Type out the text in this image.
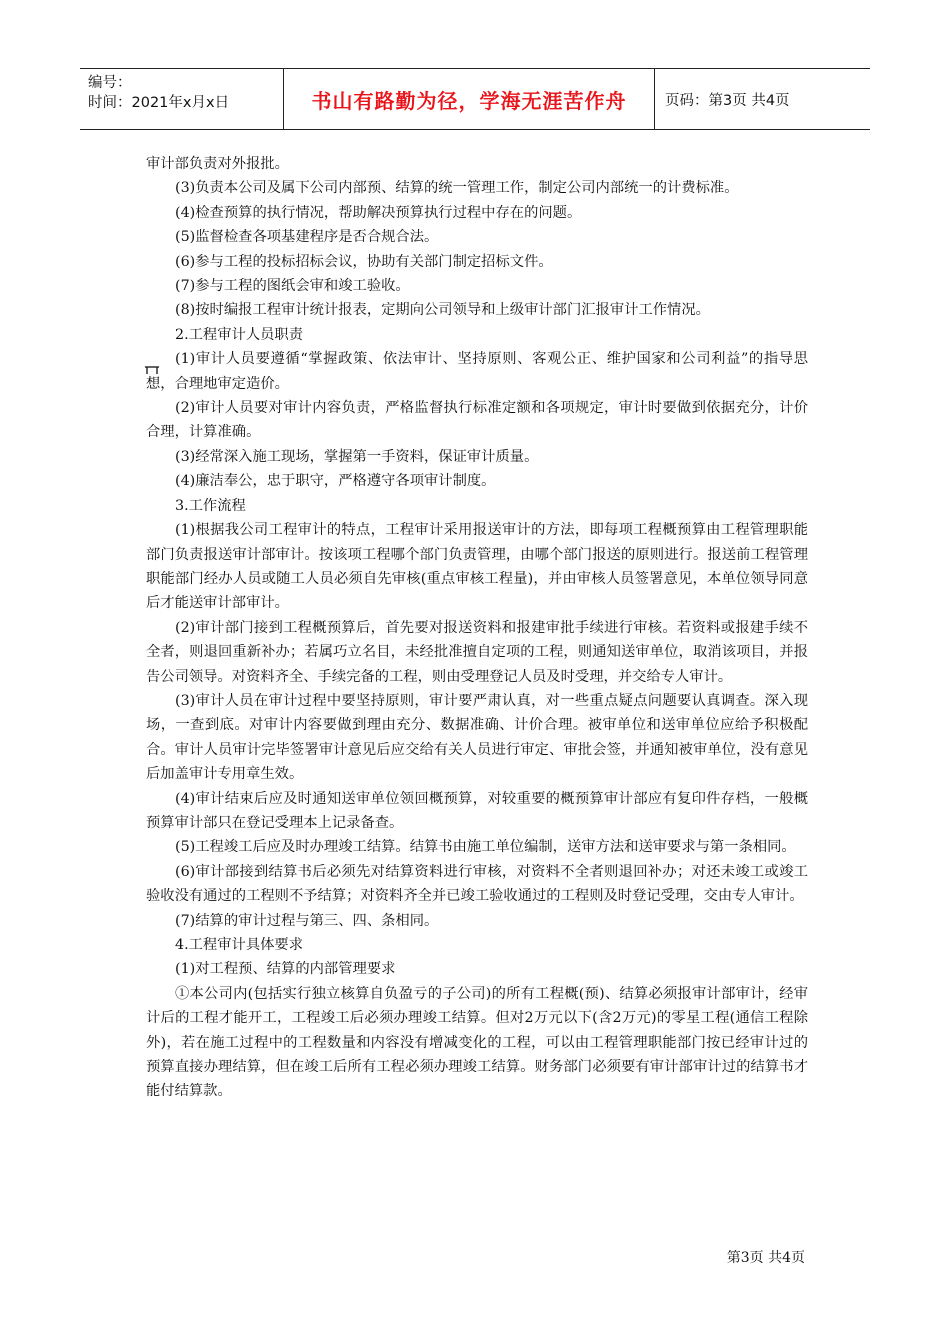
编号：
时间：2021年x月x日	书山有路勤为径，学海无涯苦作舟	页码：第3页 共4页

审计部负责对外报批。

(3)负责本公司及属下公司内部预、结算的统一管理工作，制定公司内部统一的计费标准。

(4)检查预算的执行情况，帮助解决预算执行过程中存在的问题。

(5)监督检查各项基建程序是否合规合法。

(6)参与工程的投标招标会议，协助有关部门制定招标文件。

(7)参与工程的图纸会审和竣工验收。

(8)按时编报工程审计统计报表，定期向公司领导和上级审计部门汇报审计工作情况。

2.工程审计人员职责

(1)审计人员要遵循“掌握政策、依法审计、坚持原则、客观公正、维护国家和公司利益”的指导思想，合理地审定造价。

(2)审计人员要对审计内容负责，严格监督执行标准定额和各项规定，审计时要做到依据充分，计价合理，计算准确。

(3)经常深入施工现场，掌握第一手资料，保证审计质量。

(4)廉洁奉公，忠于职守，严格遵守各项审计制度。

3.工作流程

(1)根据我公司工程审计的特点，工程审计采用报送审计的方法，即每项工程概预算由工程管理职能部门负责报送审计部审计。按该项工程哪个部门负责管理，由哪个部门报送的原则进行。报送前工程管理职能部门经办人员或随工人员必须自先审核(重点审核工程量)，并由审核人员签署意见，本单位领导同意后才能送审计部审计。

(2)审计部门接到工程概预算后，首先要对报送资料和报建审批手续进行审核。若资料或报建手续不全者，则退回重新补办；若属巧立名目，未经批准擅自定项的工程，则通知送审单位，取消该项目，并报告公司领导。对资料齐全、手续完备的工程，则由受理登记人员及时受理，并交给专人审计。

(3)审计人员在审计过程中要坚持原则，审计要严肃认真，对一些重点疑点问题要认真调查。深入现场，一查到底。对审计内容要做到理由充分、数据准确、计价合理。被审单位和送审单位应给予积极配合。审计人员审计完毕签署审计意见后应交给有关人员进行审定、审批会签，并通知被审单位，没有意见后加盖审计专用章生效。

(4)审计结束后应及时通知送审单位领回概预算，对较重要的概预算审计部应有复印件存档，一般概预算审计部只在登记受理本上记录备查。

(5)工程竣工后应及时办理竣工结算。结算书由施工单位编制，送审方法和送审要求与第一条相同。

(6)审计部接到结算书后必须先对结算资料进行审核，对资料不全者则退回补办；对还未竣工或竣工验收没有通过的工程则不予结算；对资料齐全并已竣工验收通过的工程则及时登记受理，交由专人审计。

(7)结算的审计过程与第三、四、条相同。

4.工程审计具体要求

(1)对工程预、结算的内部管理要求

①本公司内(包括实行独立核算自负盈亏的子公司)的所有工程概(预)、结算必须报审计部审计，经审计后的工程才能开工，工程竣工后必须办理竣工结算。但对2万元以下(含2万元)的零星工程(通信工程除外)，若在施工过程中的工程数量和内容没有增减变化的工程，可以由工程管理职能部门按已经审计过的预算直接办理结算，但在竣工后所有工程必须办理竣工结算。财务部门必须要有审计部审计过的结算书才能付结算款。

第3页 共4页
